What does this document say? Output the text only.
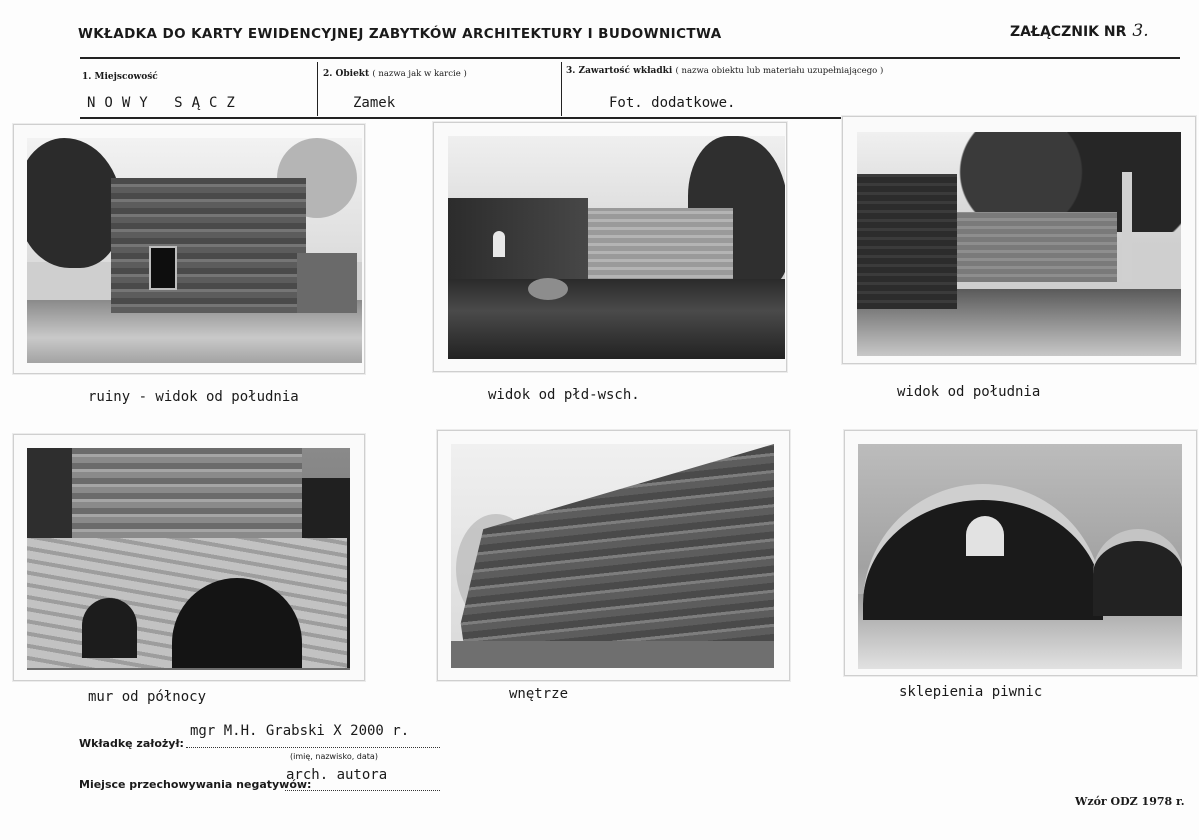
WKŁADKA DO KARTY EWIDENCYJNEJ ZABYTKÓW ARCHITEKTURY I BUDOWNICTWA	ZAŁĄCZNIK NR 3.
1. Miejscowość
NOWY SĄCZ
2. Obiekt ( nazwa jak w karcie )
Zamek
3. Zawartość wkładki ( nazwa obiektu lub materiału uzupełniającego )
Fot. dodatkowe.
ruiny - widok od południa	widok od płd-wsch.	widok od południa
mur od północy	wnętrze	sklepienia piwnic
Wkładkę założył:
mgr M.H. Grabski X 2000 r.
(imię, nazwisko, data)
Miejsce przechowywania negatywów:
arch. autora
Wzór ODZ 1978 r.
